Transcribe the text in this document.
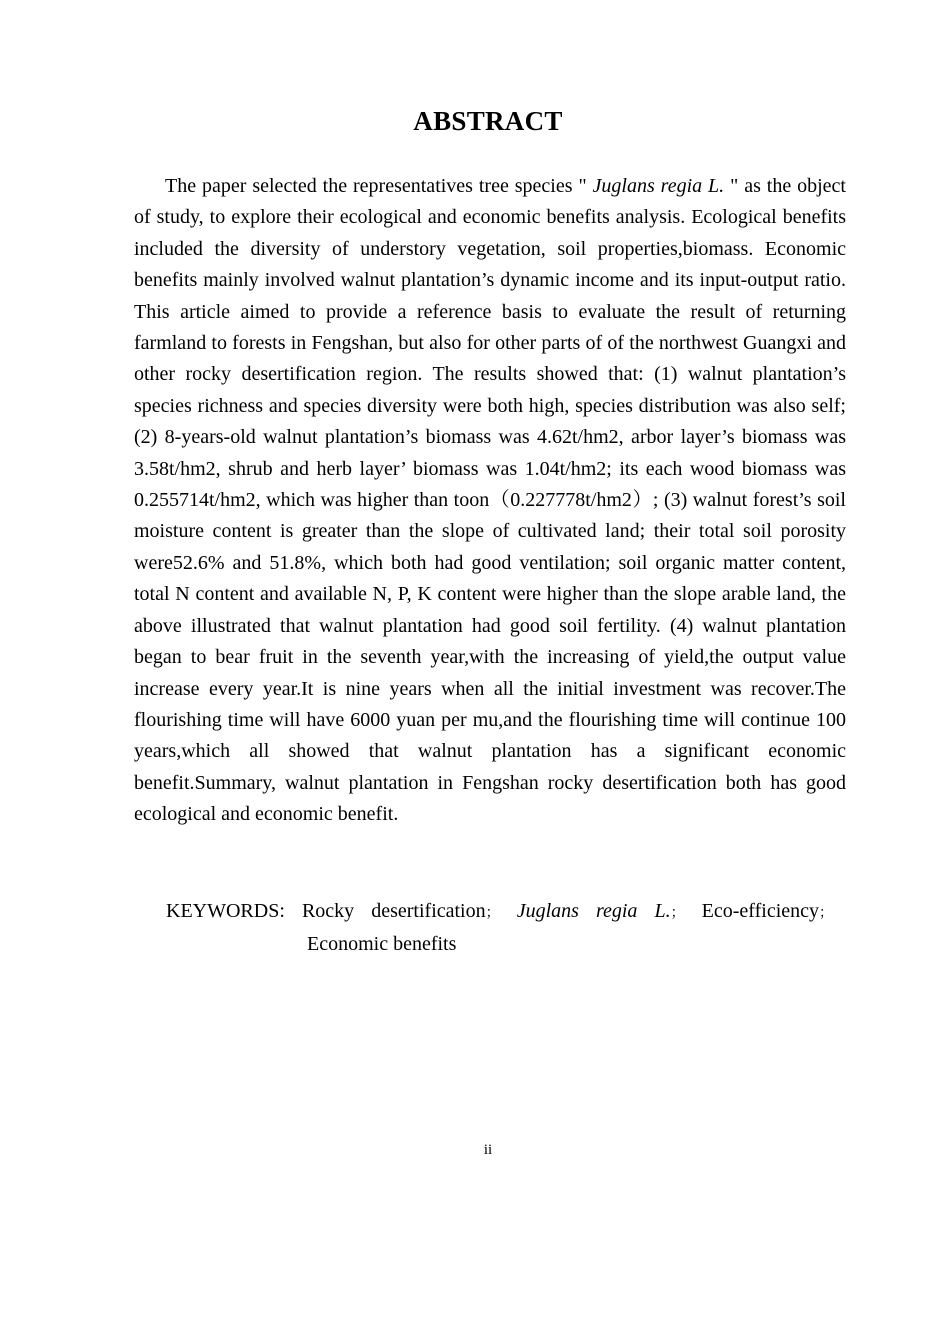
ABSTRACT

The paper selected the representatives tree species " Juglans regia L. " as the object of study, to explore their ecological and economic benefits analysis. Ecological benefits included the diversity of understory vegetation, soil properties,biomass. Economic benefits mainly involved walnut plantation’s dynamic income and its input-output ratio. This article aimed to provide a reference basis to evaluate the result of returning farmland to forests in Fengshan, but also for other parts of of the northwest Guangxi and other rocky desertification region. The results showed that: (1) walnut plantation’s species richness and species diversity were both high, species distribution was also self; (2) 8-years-old walnut plantation’s biomass was 4.62t/hm2, arbor layer’s biomass was 3.58t/hm2, shrub and herb layer’ biomass was 1.04t/hm2; its each wood biomass was 0.255714t/hm2, which was higher than toon（0.227778t/hm2）; (3) walnut forest’s soil moisture content is greater than the slope of cultivated land; their total soil porosity were52.6% and 51.8%, which both had good ventilation; soil organic matter content, total N content and available N, P, K content were higher than the slope arable land, the above illustrated that walnut plantation had good soil fertility. (4) walnut plantation began to bear fruit in the seventh year,with the increasing of yield,the output value increase every year.It is nine years when all the initial investment was recover.The flourishing time will have 6000 yuan per mu,and the flourishing time will continue 100 years,which all showed that walnut plantation has a significant economic benefit.Summary, walnut plantation in Fengshan rocky desertification both has good ecological and economic benefit.

KEYWORDS: Rocky desertification； Juglans regia L.； Eco-efficiency；
Economic benefits

ii
